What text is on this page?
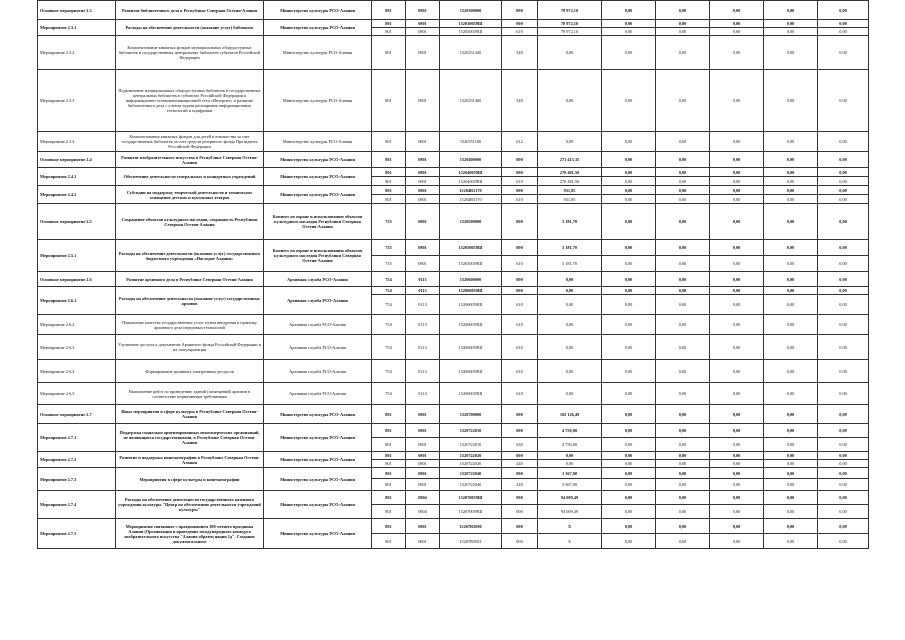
Основное мероприятие 2.3	Развитие библиотечного дела в Республике Северная Осетия-Алания	Министерство культуры РСО-Алания	801	0801	1520300000	000	78 972,10	0,00	0,00	0,00	0,00	0,00
Мероприятие 2.3.1	Расходы на обеспечение деятельности (оказание услуг) библиотек	Министерство культуры РСО-Алания	801	0801	152030059Ш	000	78 972,10	0,00	0,00	0,00	0,00	0,00
			801	0801	152030059Ш	610	78 972,10	0,00	0,00	0,00	0,00	0,00
Мероприятие 2.3.2	Комплектование книжных фондов муниципальных общедоступных библиотек и государственных центральных библиотек субъектов Российской Федерации	Министерство культуры РСО-Алания	801	0801	1520251440	540	0,00	0,00	0,00	0,00	0,00	0,00
Мероприятие 2.3.3	Подключение муниципальных общедоступных библиотек и государственных центральных библиотек в субъектах Российской Федерации к информационно-телекоммуникационной сети «Интернет» и развитие библиотечного дела с учетом задачи расширения информационных технологий и оцифровки	Министерство культуры РСО-Алания	801	0801	1520251460	540	0,00	0,00	0,00	0,00	0,00	0,00
Мероприятие 2.3.4	Комплектование книжных фондов для детей и юношества за счет государственных библиотек за счет средств резервного фонда Президента Российской Федерации	Министерство культуры РСО-Алания	801	0801	1520351180	612	0,00	0,00	0,00	0,00	0,00	0,00
Основное мероприятие 2.4	Развитие изобразительного искусства в Республике Северная Осетия-Алания	Министерство культуры РСО-Алания	801	0801	1520400000	000	271 413,35	0,00	0,00	0,00	0,00	0,00
Мероприятие 2.4.1	Обеспечение деятельности театральных и концертных учреждений	Министерство культуры РСО-Алания	801	0801	152040059Ш	000	270 481,50	0,00	0,00	0,00	0,00	0,00
			801	0801	152040059Ш	610	270 481,50	0,00	0,00	0,00	0,00	0,00
Мероприятие 2.4.2	Субсидии на поддержку творческой деятельности и техническое оснащение детских и кукольных театров	Министерство культуры РСО-Алания	801	0801	15204R5170	000	931,85	0,00	0,00	0,00	0,00	0,00
			801	0801	15204R5170	610	931,85	0,00	0,00	0,00	0,00	0,00
Основное мероприятие 2.5	Сохранение объектов культурного наследия, сохранность Республики Северная Осетия-Алания	Комитет по охране и использованию объектов культурного наследия Республики Северная Осетия-Алания	735	0801	1520500000	000	3 181,70	0,00	0,00	0,00	0,00	0,00
Мероприятие 2.5.1	Расходы на обеспечение деятельности (оказание услуг) государственного бюджетного учреждения «Наследие Алании»	Комитет по охране и использованию объектов культурного наследия Республики Северная Осетия-Алания	735	0801	152050059Ш	000	3 181,70	0,00	0,00	0,00	0,00	0,00
			735	0801	152050059Ш	610	3 181,70	0,00	0,00	0,00	0,00	0,00
Основное мероприятие 2.6	Развитие архивного дела в Республике Северная Осетия-Алания	Архивная служба РСО-Алания	754	0113	1520600000	000	0,00	0,00	0,00	0,00	0,00	0,00
Мероприятие 2.6.1	Расходы на обеспечение деятельности (оказание услуг) государственных архивов	Архивная служба РСО-Алания	754	0113	152060059Ш	000	0,00	0,00	0,00	0,00	0,00	0,00
			754	0113	152060059Ш	610	0,00	0,00	0,00	0,00	0,00	0,00
Мероприятие 2.6.2	Повышение качества государственных услуг путем внедрения в практику архивного дела передовых технологий	Архивная служба РСО-Алания	754	0113	152060059Ш	610	0,00	0,00	0,00	0,00	0,00	0,00
Мероприятие 2.6.3	Улучшение доступа к документам Архивного фонда Российской Федерации и их популяризация	Архивная служба РСО-Алания	754	0113	152060059Ш	610	0,00	0,00	0,00	0,00	0,00	0,00
Мероприятие 2.6.4	Формирование архивных электронных ресурсов	Архивная служба РСО-Алания	754	0113	152060059Ш	610	0,00	0,00	0,00	0,00	0,00	0,00
Мероприятие 2.6.5	Выполнение работ по приведению зданий (помещений) архивов в соответствие нормативным требованиям	Архивная служба РСО-Алания	754	0113	152060059Ш	610	0,00	0,00	0,00	0,00	0,00	0,00
Основное мероприятие 2.7	Иные мероприятия в сфере культуры в Республике Северная Осетия-Алания	Министерство культуры РСО-Алания	801	0801	1520700000	000	102 126,49	0,00	0,00	0,00	0,00	0,00
Мероприятие 2.7.1	Поддержка социально ориентированных некоммерческих организаций, не являющихся государственными, в Республике Северная Осетия-Алания	Министерство культуры РСО-Алания	801	0801	1520722010	000	4 750,00	0,00	0,00	0,00	0,00	0,00
			801	0801	1520722010	630	4 750,00	0,00	0,00	0,00	0,00	0,00
Мероприятие 2.7.2	Развитие и поддержка кинематографии в Республике Северная Осетия-Алания	Министерство культуры РСО-Алания	801	0801	1520722020	000	0,00	0,00	0,00	0,00	0,00	0,00
			801	0801	1520722020	240	0,00	0,00	0,00	0,00	0,00	0,00
Мероприятие 2.7.3	Мероприятия в сфере культуры и кинематографии	Министерство культуры РСО-Алания	801	0801	1520722040	000	3 367,00	0,00	0,00	0,00	0,00	0,00
			801	0801	1520722040	240	3 367,00	0,00	0,00	0,00	0,00	0,00
Мероприятие 2.7.4	Расходы на обеспечение деятельности государственного казенного учреждения культуры "Центр по обеспечению деятельности учреждений культуры"	Министерство культуры РСО-Алания	801	0804	152070059Ш	000	94 009,49	0,00	0,00	0,00	0,00	0,00
			801	0804	152070059Ш	000	94 009,49	0,00	0,00	0,00	0,00	0,00
Мероприятие 2.7.5	Мероприятия связанные с празднованием 100-летнего праздника Алании (Организация и проведение международного конкурса изобразительного искусства "Алания образец нации 1д". Создание документального	Министерство культуры РСО-Алания	801	0801	15207R5090	000	X	0,00	0,00	0,00	0,00	0,00
			801	0801	15207R5091	000	X	0,00	0,00	0,00	0,00	0,00
